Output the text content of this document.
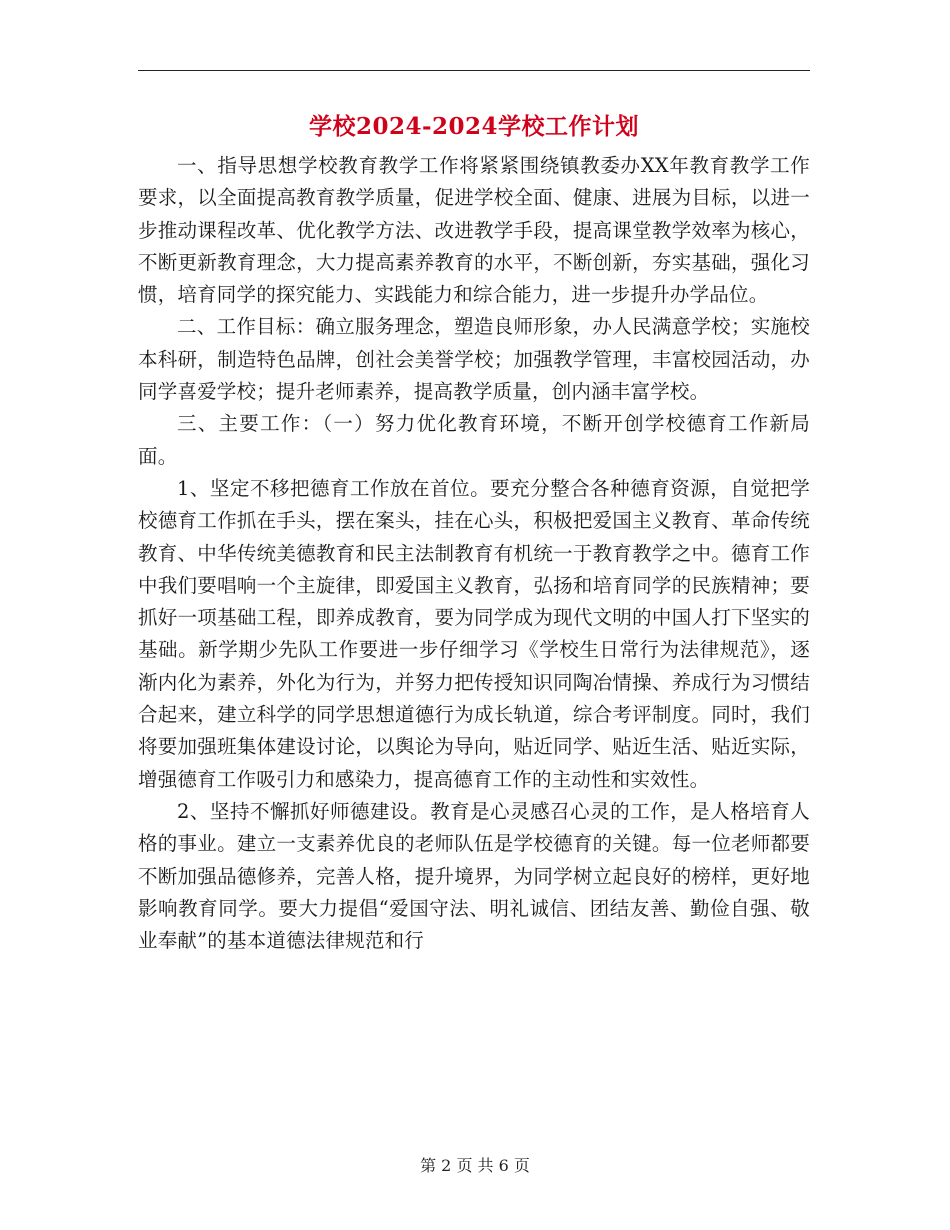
学校2024-2024学校工作计划

一、指导思想学校教育教学工作将紧紧围绕镇教委办XX年教育教学工作要求，以全面提高教育教学质量，促进学校全面、健康、进展为目标，以进一步推动课程改革、优化教学方法、改进教学手段，提高课堂教学效率为核心，不断更新教育理念，大力提高素养教育的水平，不断创新，夯实基础，强化习惯，培育同学的探究能力、实践能力和综合能力，进一步提升办学品位。

二、工作目标：确立服务理念，塑造良师形象，办人民满意学校；实施校本科研，制造特色品牌，创社会美誉学校；加强教学管理，丰富校园活动，办同学喜爱学校；提升老师素养，提高教学质量，创内涵丰富学校。

三、主要工作：（一）努力优化教育环境，不断开创学校德育工作新局面。

1、坚定不移把德育工作放在首位。要充分整合各种德育资源，自觉把学校德育工作抓在手头，摆在案头，挂在心头，积极把爱国主义教育、革命传统教育、中华传统美德教育和民主法制教育有机统一于教育教学之中。德育工作中我们要唱响一个主旋律，即爱国主义教育，弘扬和培育同学的民族精神；要抓好一项基础工程，即养成教育，要为同学成为现代文明的中国人打下坚实的基础。新学期少先队工作要进一步仔细学习《学校生日常行为法律规范》，逐渐内化为素养，外化为行为，并努力把传授知识同陶冶情操、养成行为习惯结合起来，建立科学的同学思想道德行为成长轨道，综合考评制度。同时，我们将要加强班集体建设讨论，以舆论为导向，贴近同学、贴近生活、贴近实际，增强德育工作吸引力和感染力，提高德育工作的主动性和实效性。

2、坚持不懈抓好师德建设。教育是心灵感召心灵的工作，是人格培育人格的事业。建立一支素养优良的老师队伍是学校德育的关键。每一位老师都要不断加强品德修养，完善人格，提升境界，为同学树立起良好的榜样，更好地影响教育同学。要大力提倡“爱国守法、明礼诚信、团结友善、勤俭自强、敬业奉献”的基本道德法律规范和行

第 2 页 共 6 页
